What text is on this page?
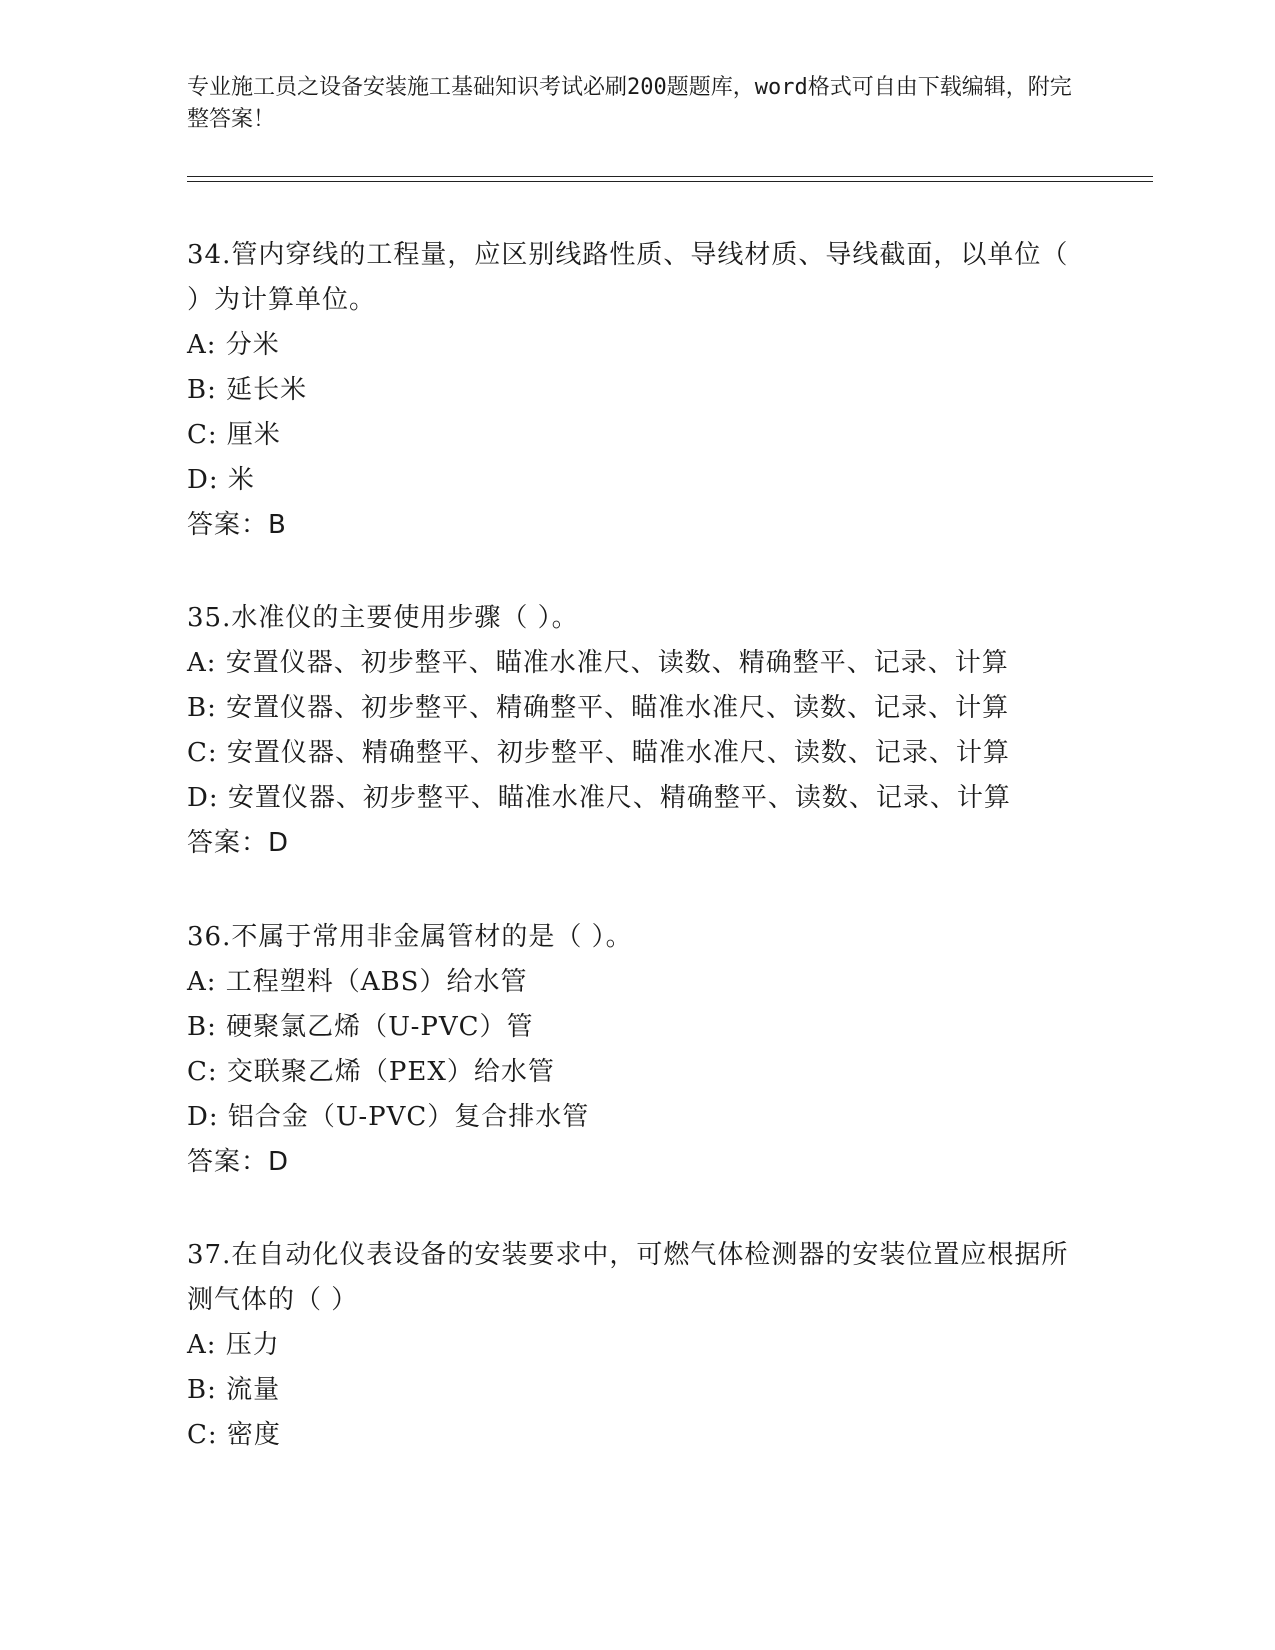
专业施工员之设备安装施工基础知识考试必刷200题题库，word格式可自由下载编辑，附完整答案！
34.管内穿线的工程量，应区别线路性质、导线材质、导线截面，以单位（ ）为计算单位。
A: 分米
B: 延长米
C: 厘米
D: 米
答案：B
35.水准仪的主要使用步骤（ ）。
A: 安置仪器、初步整平、瞄准水准尺、读数、精确整平、记录、计算
B: 安置仪器、初步整平、精确整平、瞄准水准尺、读数、记录、计算
C: 安置仪器、精确整平、初步整平、瞄准水准尺、读数、记录、计算
D: 安置仪器、初步整平、瞄准水准尺、精确整平、读数、记录、计算
答案：D
36.不属于常用非金属管材的是（ ）。
A: 工程塑料（ABS）给水管
B: 硬聚氯乙烯（U-PVC）管
C: 交联聚乙烯（PEX）给水管
D: 铝合金（U-PVC）复合排水管
答案：D
37.在自动化仪表设备的安装要求中，可燃气体检测器的安装位置应根据所测气体的（ ）
A: 压力
B: 流量
C: 密度
